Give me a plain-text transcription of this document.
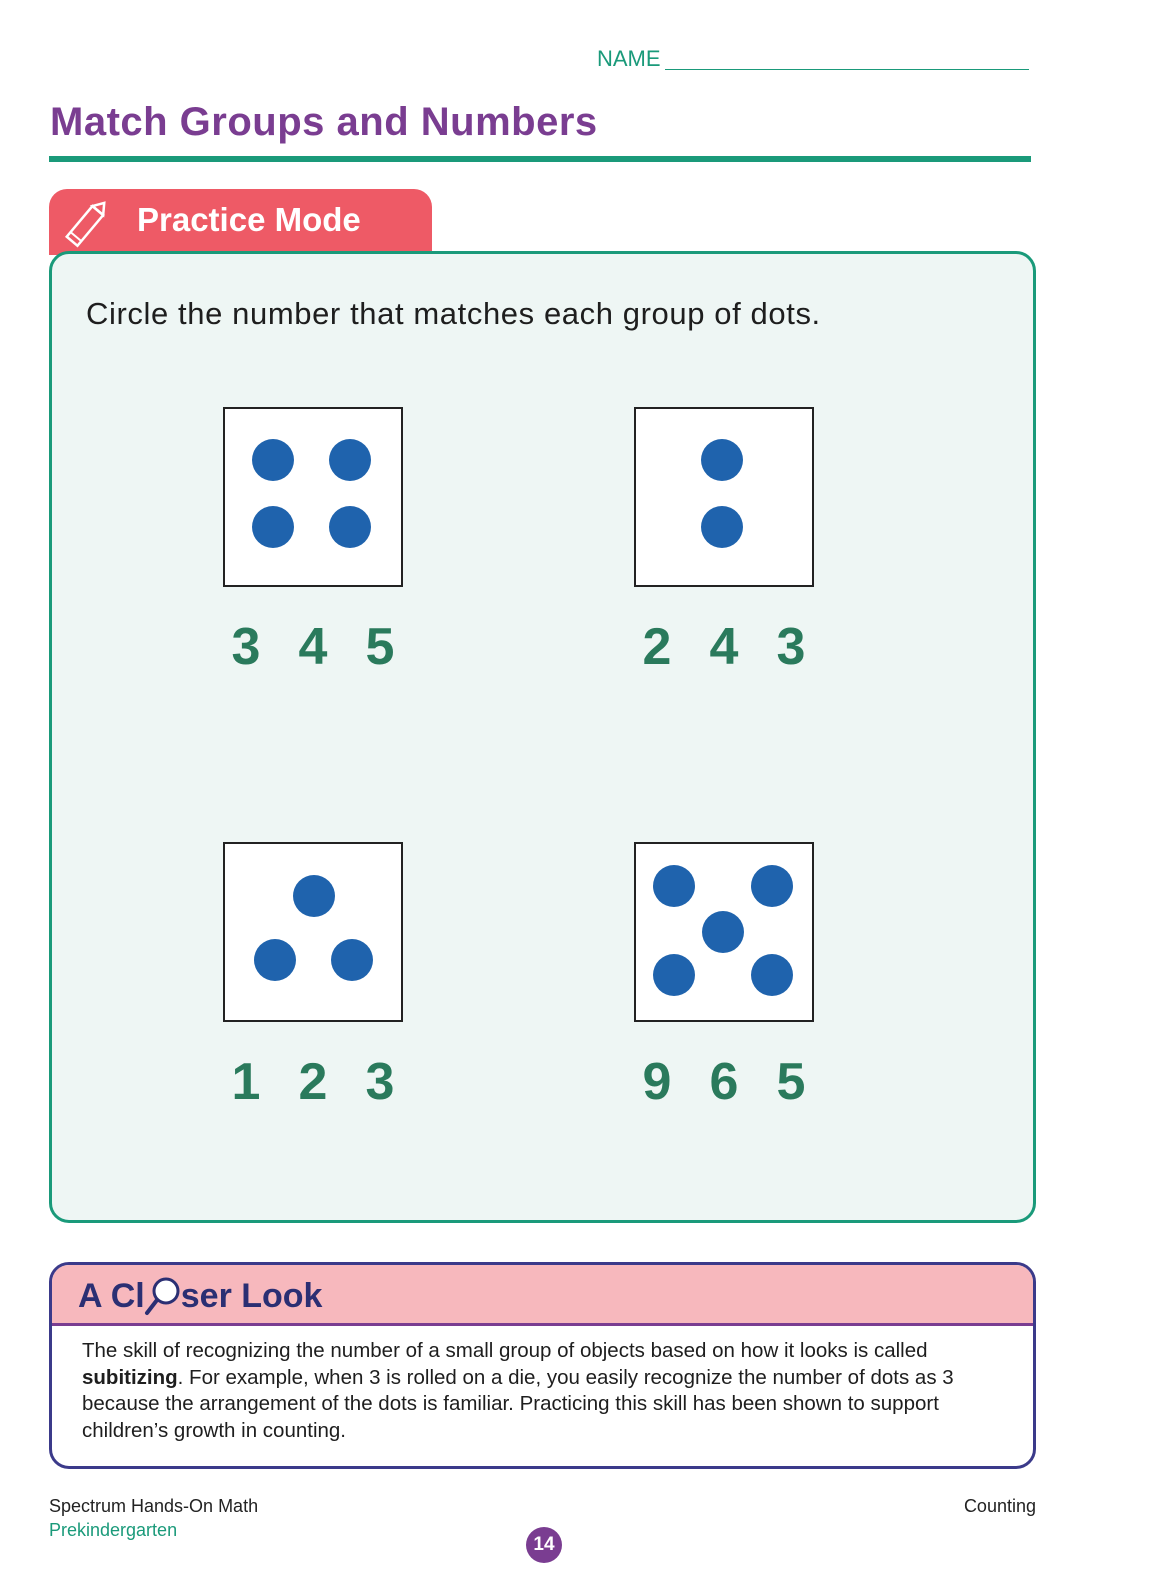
NAME
Match Groups and Numbers
Practice Mode

Circle the number that matches each group of dots.

3 4 5	2 4 3
1 2 3	9 6 5
A Cl ser Look

The skill of recognizing the number of a small group of objects based on how it looks is called subitizing. For example, when 3 is rolled on a die, you easily recognize the number of dots as 3 because the arrangement of the dots is familiar. Practicing this skill has been shown to support children’s growth in counting.

Spectrum Hands-On Math
Prekindergarten
Counting
14
